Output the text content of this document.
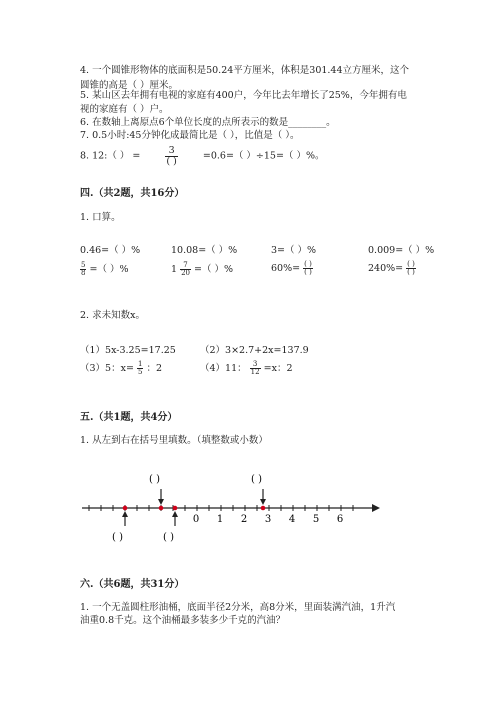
4. 一个圆锥形物体的底面积是50.24平方厘米，体积是301.44立方厘米，这个
圆锥的高是（ ）厘米。
5. 某山区去年拥有电视的家庭有400户，今年比去年增长了25%，今年拥有电
视的家庭有（ ）户。
6. 在数轴上离原点6个单位长度的点所表示的数是________。
7. 0.5小时:45分钟化成最简比是（ ），比值是（ ）。
8. 12:（ ） =	$\frac{3}{( )}$	=0.6=（ ）÷15=（ ）%。
四.（共2题，共16分）
1. 口算。
0.46=（ ）%	10.08=（ ）%	3=（ ）%	0.009=（ ）%
$\frac{5}{8}$ =（ ）%	$1 \frac{7}{20}$ =（ ）%	$60\%= \frac{( )}{( )}$	$240\%= \frac{( )}{( )}$
2. 求未知数x。
（1）5x-3.25=17.25	（2）3×2.7+2x=137.9
（3）5：$x= \frac{1}{5}$ ：2	（4）11： $\frac{3}{12} =x$：2
五.（共1题，共4分）
1. 从左到右在括号里填数。（填整数或小数）
( )	( )
( )	( )
0 1 2 3 4 5 6
六.（共6题，共31分）
1. 一个无盖圆柱形油桶，底面半径2分米，高8分米，里面装满汽油，1升汽
油重0.8千克。这个油桶最多装多少千克的汽油？
